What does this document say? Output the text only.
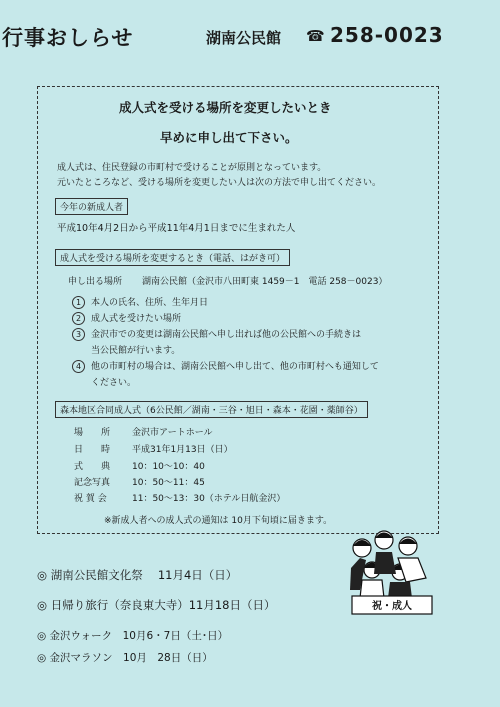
行事おしらせ	湖南公民館 ☎ 258-0023
成人式を受ける場所を変更したいとき
早めに申し出て下さい。
成人式は、住民登録の市町村で受けることが原則となっています。
元いたところなど、受ける場所を変更したい人は次の方法で申し出てください。
今年の新成人者
平成10年4月2日から平成11年4月1日までに生まれた人
成人式を受ける場所を変更するとき（電話、はがき可）
申し出る場所 湖南公民館（金沢市八田町東 1459－1　電話 258－0023）
1 本人の氏名、住所、生年月日
2 成人式を受けたい場所
3 金沢市での変更は湖南公民館へ申し出れば他の公民館への手続きは
当公民館が行います。
4 他の市町村の場合は、湖南公民館へ申し出て、他の市町村へも通知して
ください。
森本地区合同成人式（6公民館／湖南・三谷・旭日・森本・花園・薬師谷）
場　　所 金沢市アートホール
日　　時 平成31年1月13日（日）
式　　典 10：10～10：40
記念写真 10：50～11：45
祝 賀 会	11：50～13：30（ホテル日航金沢）
※新成人者への成人式の通知は 10月下旬頃に届きます。
祝・成人
◎ 湖南公民館文化祭　 11月4日（日）
◎ 日帰り旅行（奈良東大寺）11月18日（日）
◎ 金沢ウォーク　10月6・7日（土･日）
◎ 金沢マラソン　10月　28日（日）
